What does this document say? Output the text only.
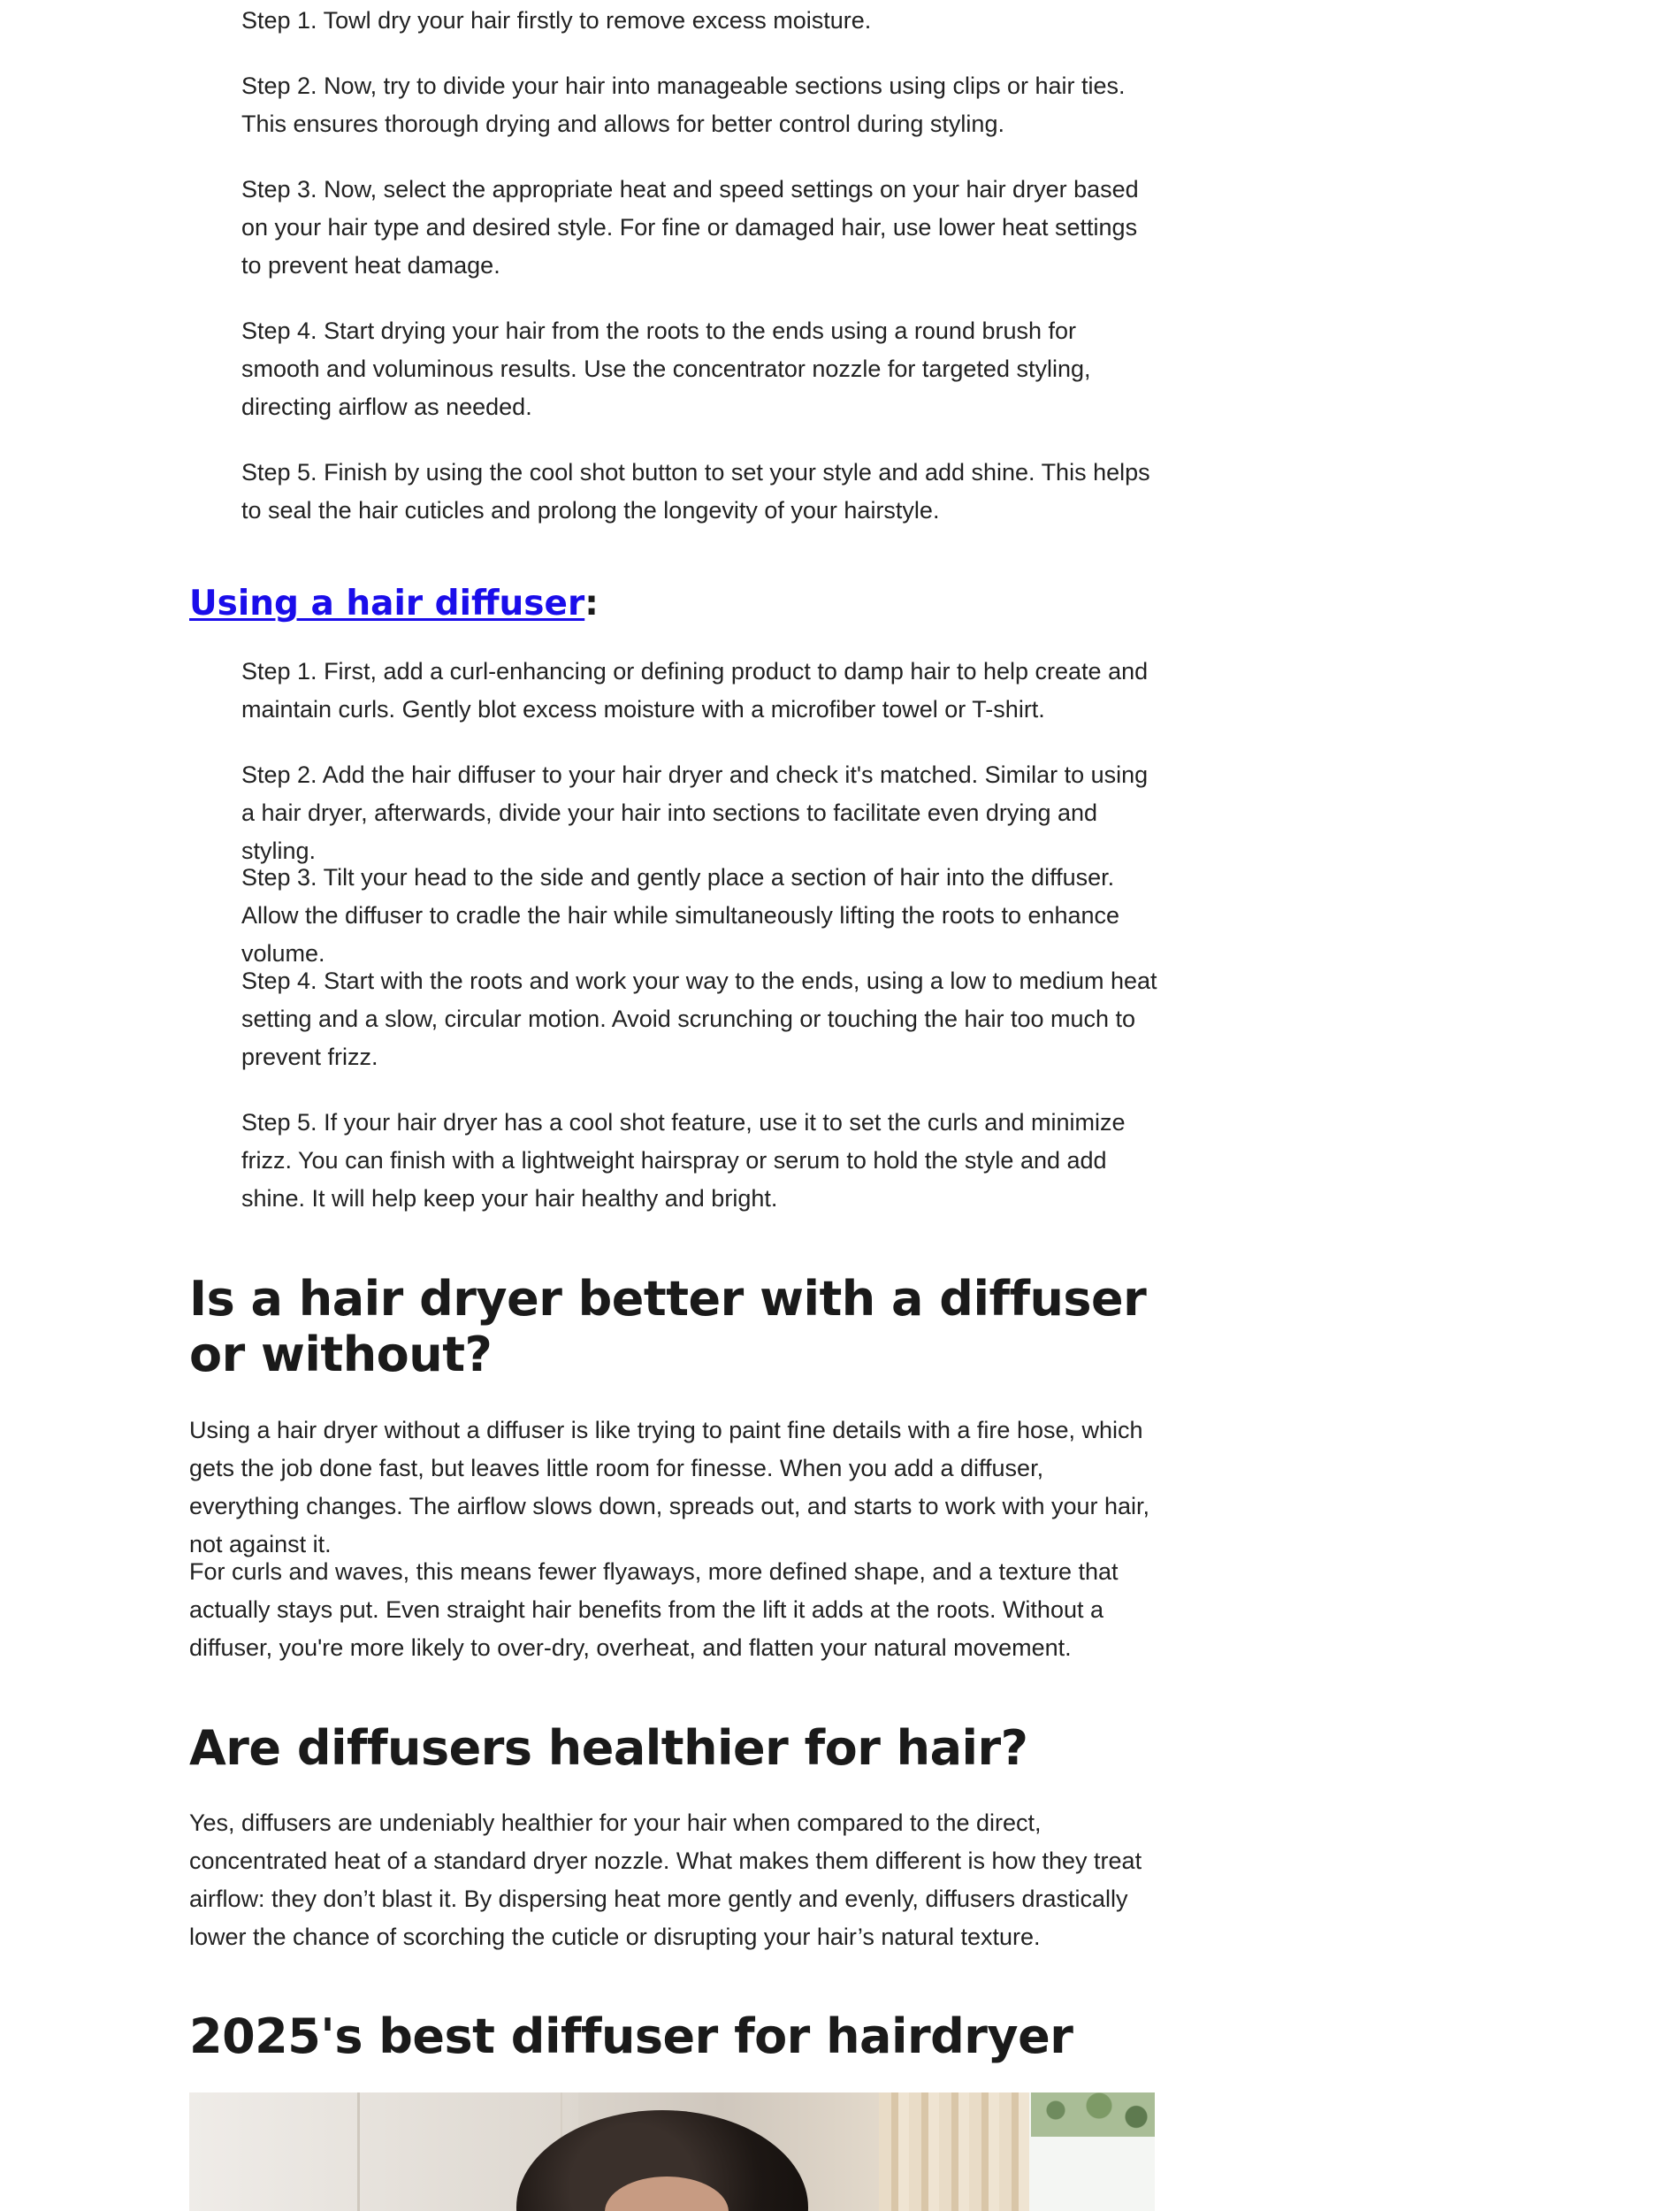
Step 1. Towl dry your hair firstly to remove excess moisture.

Step 2. Now, try to divide your hair into manageable sections using clips or hair ties. This ensures thorough drying and allows for better control during styling.

Step 3. Now, select the appropriate heat and speed settings on your hair dryer based on your hair type and desired style. For fine or damaged hair, use lower heat settings to prevent heat damage.

Step 4. Start drying your hair from the roots to the ends using a round brush for smooth and voluminous results. Use the concentrator nozzle for targeted styling, directing airflow as needed.

Step 5. Finish by using the cool shot button to set your style and add shine. This helps to seal the hair cuticles and prolong the longevity of your hairstyle.

Using a hair diffuser:

Step 1. First, add a curl-enhancing or defining product to damp hair to help create and maintain curls. Gently blot excess moisture with a microfiber towel or T-shirt.

Step 2. Add the hair diffuser to your hair dryer and check it's matched. Similar to using a hair dryer, afterwards, divide your hair into sections to facilitate even drying and styling.

Step 3. Tilt your head to the side and gently place a section of hair into the diffuser. Allow the diffuser to cradle the hair while simultaneously lifting the roots to enhance volume.

Step 4. Start with the roots and work your way to the ends, using a low to medium heat setting and a slow, circular motion. Avoid scrunching or touching the hair too much to prevent frizz.

Step 5. If your hair dryer has a cool shot feature, use it to set the curls and minimize frizz. You can finish with a lightweight hairspray or serum to hold the style and add shine. It will help keep your hair healthy and bright.

Is a hair dryer better with a diffuser or without?

Using a hair dryer without a diffuser is like trying to paint fine details with a fire hose, which gets the job done fast, but leaves little room for finesse. When you add a diffuser, everything changes. The airflow slows down, spreads out, and starts to work with your hair, not against it.

For curls and waves, this means fewer flyaways, more defined shape, and a texture that actually stays put. Even straight hair benefits from the lift it adds at the roots. Without a diffuser, you're more likely to over-dry, overheat, and flatten your natural movement.

Are diffusers healthier for hair?

Yes, diffusers are undeniably healthier for your hair when compared to the direct, concentrated heat of a standard dryer nozzle. What makes them different is how they treat airflow: they don’t blast it. By dispersing heat more gently and evenly, diffusers drastically lower the chance of scorching the cuticle or disrupting your hair’s natural texture.

2025's best diffuser for hairdryer
